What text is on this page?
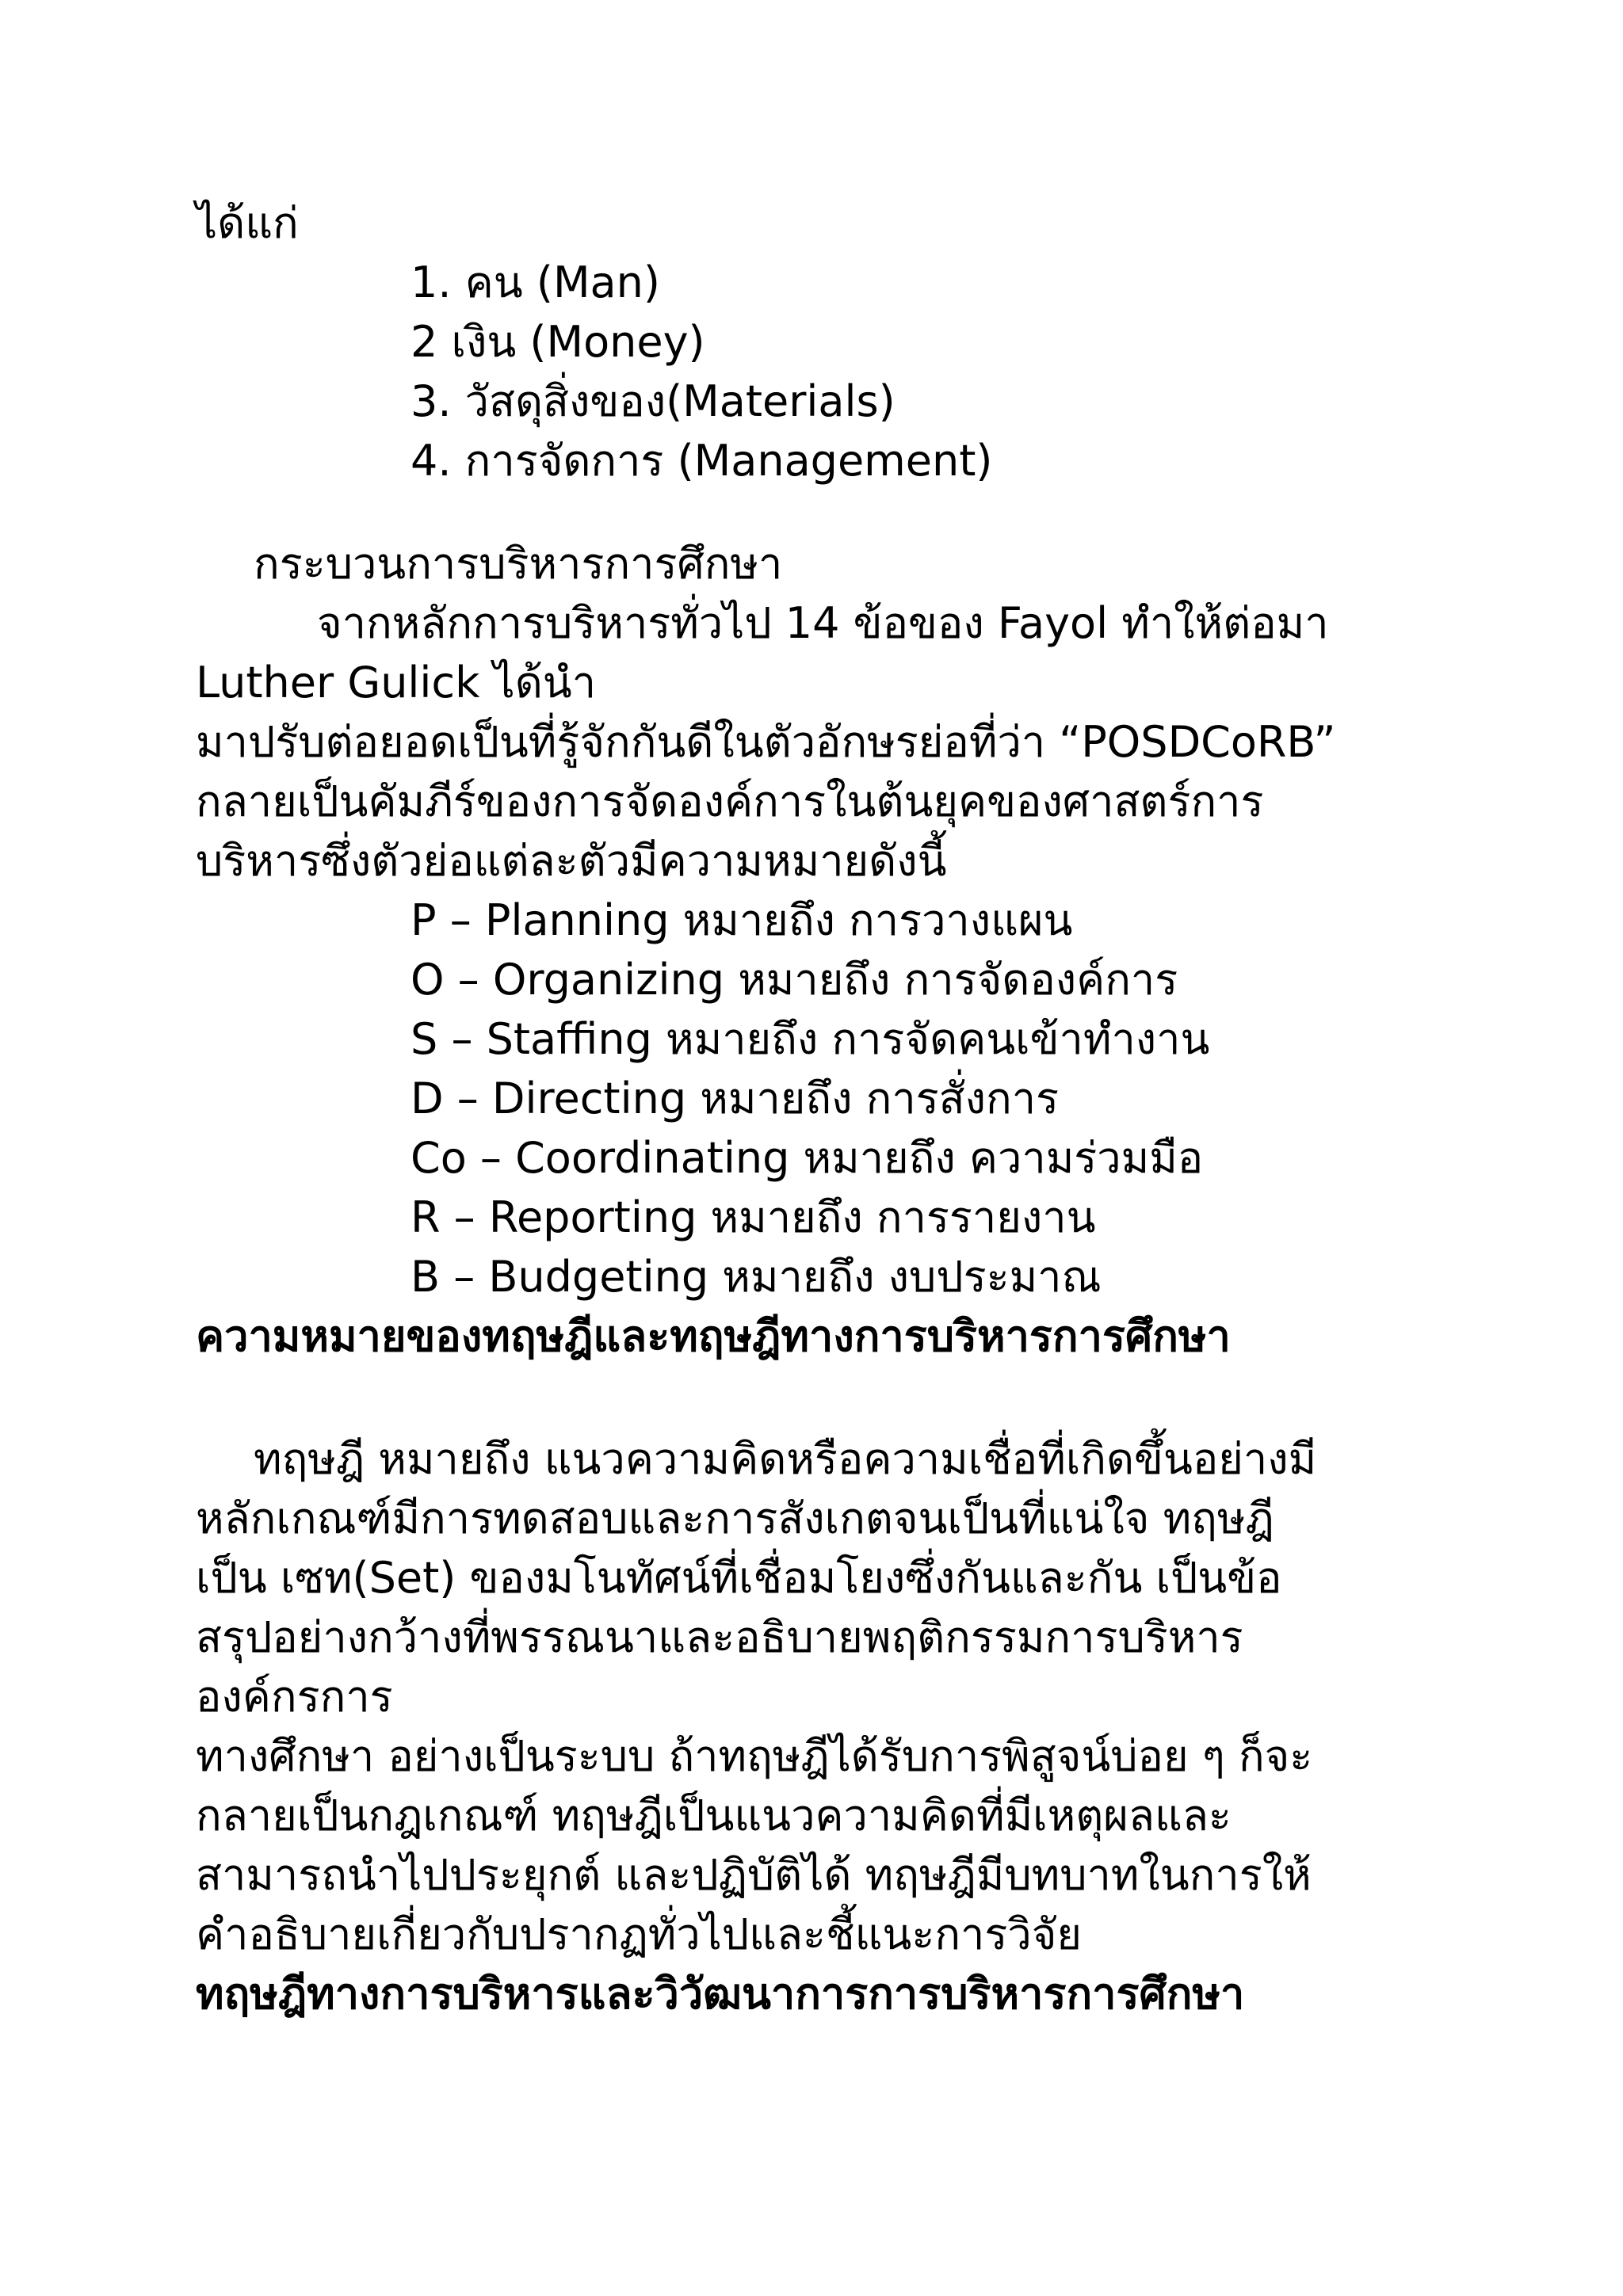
ได้แก่
1. คน (Man)
2 เงิน (Money)
3. วัสดุสิ่งของ(Materials)
4. การจัดการ (Management)
กระบวนการบริหารการศึกษา
จากหลักการบริหารทั่วไป 14 ข้อของ Fayol ทำให้ต่อมา
Luther Gulick ได้นำ
มาปรับต่อยอดเป็นที่รู้จักกันดีในตัวอักษรย่อที่ว่า “POSDCoRB”
กลายเป็นคัมภีร์ของการจัดองค์การในต้นยุคของศาสตร์การ
บริหารซึ่งตัวย่อแต่ละตัวมีความหมายดังนี้
P – Planning หมายถึง การวางแผน
O – Organizing หมายถึง การจัดองค์การ
S – Staffing หมายถึง การจัดคนเข้าทำงาน
D – Directing หมายถึง การสั่งการ
Co – Coordinating หมายถึง ความร่วมมือ
R – Reporting หมายถึง การรายงาน
B – Budgeting หมายถึง งบประมาณ
ความหมายของทฤษฎีและทฤษฎีทางการบริหารการศึกษา
ทฤษฎี หมายถึง แนวความคิดหรือความเชื่อที่เกิดขึ้นอย่างมี
หลักเกณฑ์มีการทดสอบและการสังเกตจนเป็นที่แน่ใจ ทฤษฎี
เป็น เซท(Set) ของมโนทัศน์ที่เชื่อมโยงซึ่งกันและกัน เป็นข้อ
สรุปอย่างกว้างที่พรรณนาและอธิบายพฤติกรรมการบริหาร
องค์กรการ
ทางศึกษา อย่างเป็นระบบ ถ้าทฤษฎีได้รับการพิสูจน์บ่อย ๆ ก็จะ
กลายเป็นกฎเกณฑ์ ทฤษฎีเป็นแนวความคิดที่มีเหตุผลและ
สามารถนำไปประยุกต์ และปฏิบัติได้ ทฤษฎีมีบทบาทในการให้
คำอธิบายเกี่ยวกับปรากฏทั่วไปและชี้แนะการวิจัย
ทฤษฎีทางการบริหารและวิวัฒนาการการบริหารการศึกษา
